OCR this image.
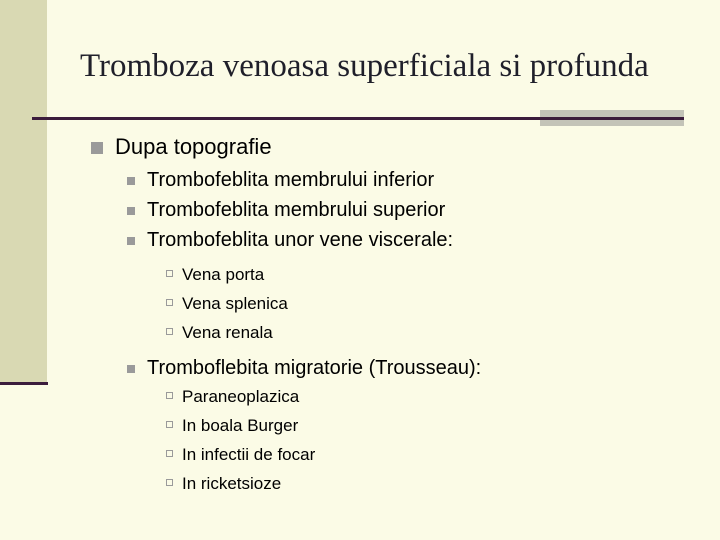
Tromboza venoasa superficiala si profunda
Dupa topografie
Trombofeblita membrului inferior
Trombofeblita membrului superior
Trombofeblita unor vene viscerale:
Vena porta
Vena splenica
Vena renala
Tromboflebita migratorie (Trousseau):
Paraneoplazica
In boala Burger
In infectii de focar
In ricketsioze
